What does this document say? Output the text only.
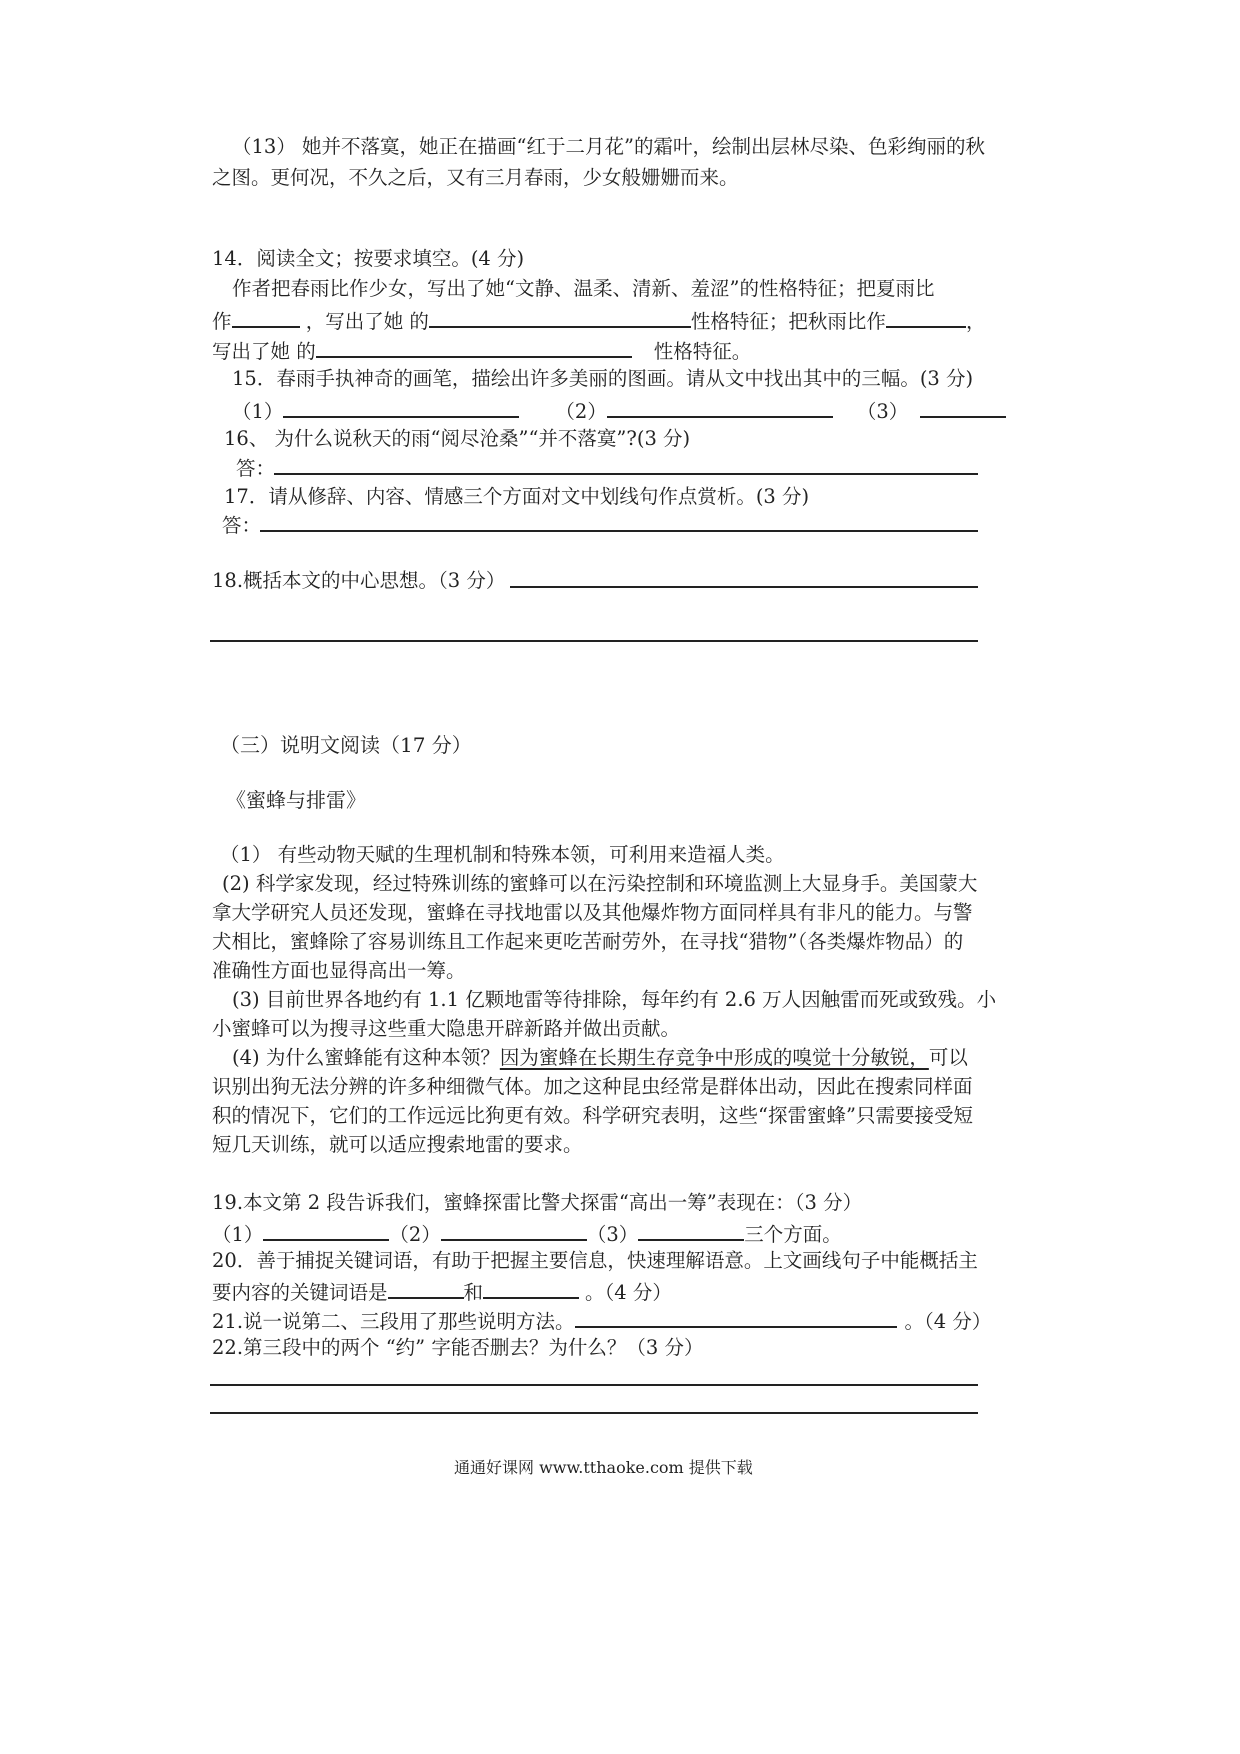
（13） 她并不落寞，她正在描画“红于二月花”的霜叶，绘制出层林尽染、色彩绚丽的秋
之图。更何况，不久之后，又有三月春雨，少女般姗姗而来。
14．阅读全文；按要求填空。(4 分)
作者把春雨比作少女，写出了她“文静、温柔、清新、羞涩”的性格特征；把夏雨比
作	，写出了她 的	性格特征；把秋雨比作	，
写出了她 的	性格特征。
15．春雨手执神奇的画笔，描绘出许多美丽的图画。请从文中找出其中的三幅。(3 分)
（1）	（2）	（3）
16、 为什么说秋天的雨“阅尽沧桑”“并不落寞”?(3 分)
答：
17．请从修辞、内容、情感三个方面对文中划线句作点赏析。(3 分)
答：
18.概括本文的中心思想。（3 分）
（三）说明文阅读（17 分）
《蜜蜂与排雷》
（1） 有些动物天赋的生理机制和特殊本领，可利用来造福人类。
(2) 科学家发现，经过特殊训练的蜜蜂可以在污染控制和环境监测上大显身手。美国蒙大
拿大学研究人员还发现，蜜蜂在寻找地雷以及其他爆炸物方面同样具有非凡的能力。与警
犬相比，蜜蜂除了容易训练且工作起来更吃苦耐劳外，在寻找“猎物”（各类爆炸物品）的
准确性方面也显得高出一筹。
(3) 目前世界各地约有 1.1 亿颗地雷等待排除，每年约有 2.6 万人因触雷而死或致残。小
小蜜蜂可以为搜寻这些重大隐患开辟新路并做出贡献。
(4) 为什么蜜蜂能有这种本领？因为蜜蜂在长期生存竞争中形成的嗅觉十分敏锐，可以
识别出狗无法分辨的许多种细微气体。加之这种昆虫经常是群体出动，因此在搜索同样面
积的情况下，它们的工作远远比狗更有效。科学研究表明，这些“探雷蜜蜂”只需要接受短
短几天训练，就可以适应搜索地雷的要求。
19.本文第 2 段告诉我们，蜜蜂探雷比警犬探雷“高出一筹”表现在：（3 分）
（1）	（2）	（3）	三个方面。
20．善于捕捉关键词语，有助于把握主要信息，快速理解语意。上文画线句子中能概括主
要内容的关键词语是	和	。（4 分）
21.说一说第二、三段用了那些说明方法。	。（4 分）
22.第三段中的两个 “约” 字能否删去？为什么？（3 分）
通通好课网 www.tthaoke.com 提供下载
